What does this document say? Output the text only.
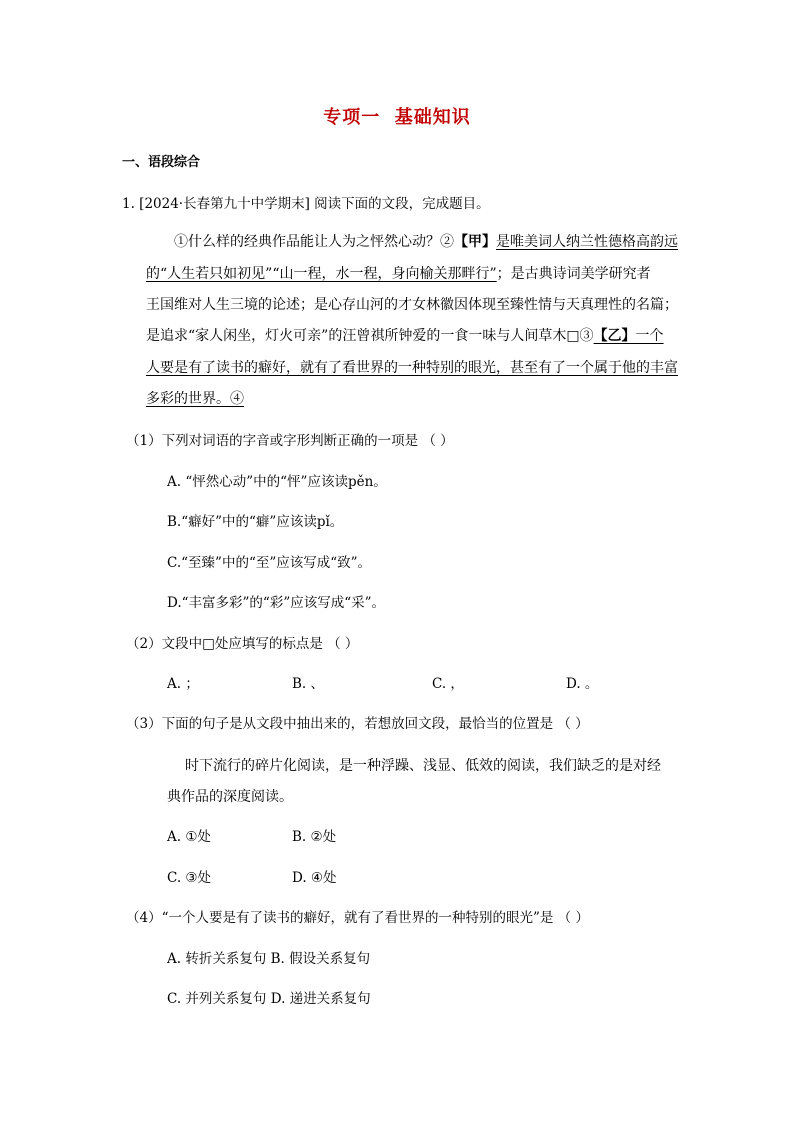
专项一  基础知识
一、语段综合
1. [2024·长春第九十中学期末] 阅读下面的文段，完成题目。
①什么样的经典作品能让人为之怦然心动？②【甲】是唯美词人纳兰性德格高韵远
的“人生若只如初见”“山一程，水一程，身向榆关那畔行”；是古典诗词美学研究者
王国维对人生三境的论述；是心存山河的才女林徽因体现至臻性情与天真理性的名篇；
是追求“家人闲坐，灯火可亲”的汪曾祺所钟爱的一食一味与人间草木□③【乙】一个
人要是有了读书的癖好，就有了看世界的一种特别的眼光，甚至有了一个属于他的丰富
多彩的世界。④
（1）下列对词语的字音或字形判断正确的一项是 （ ）
A. “怦然心动”中的“怦”应该读pěn。
B.“癖好”中的“癖”应该读pǐ。
C.“至臻”中的“至”应该写成“致”。
D.“丰富多彩”的“彩”应该写成“采”。
（2）文段中□处应填写的标点是 （ ）
A. ；	B. 、	C. ，	D. 。
（3）下面的句子是从文段中抽出来的，若想放回文段，最恰当的位置是 （ ）
时下流行的碎片化阅读，是一种浮躁、浅显、低效的阅读，我们缺乏的是对经
典作品的深度阅读。
A. ①处	B. ②处
C. ③处	D. ④处
（4）“一个人要是有了读书的癖好，就有了看世界的一种特别的眼光”是 （ ）
A. 转折关系复句 B. 假设关系复句
C. 并列关系复句 D. 递进关系复句
